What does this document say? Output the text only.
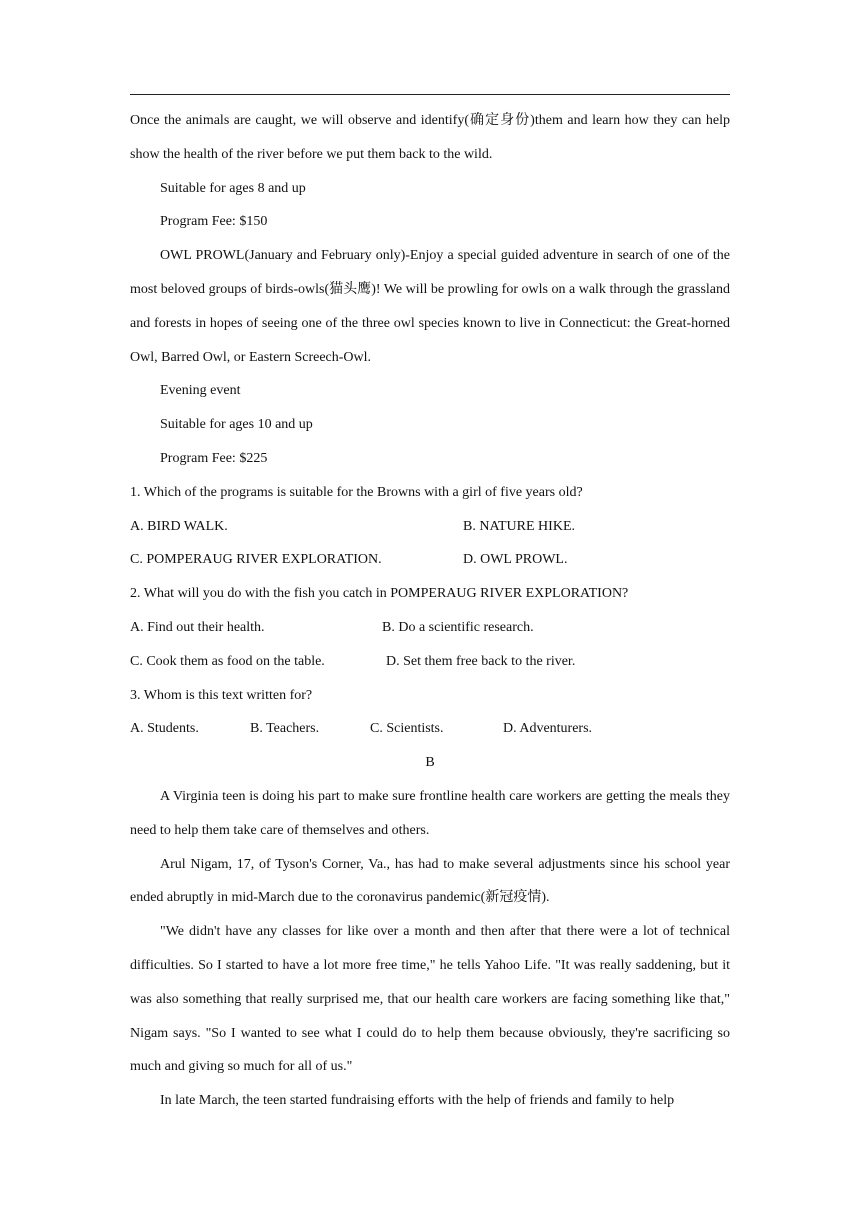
Once the animals are caught, we will observe and identify(确定身份)them and learn how they can help show the health of the river before we put them back to the wild.

Suitable for ages 8 and up

Program Fee: $150

OWL PROWL(January and February only)-Enjoy a special guided adventure in search of one of the most beloved groups of birds-owls(猫头鹰)! We will be prowling for owls on a walk through the grassland and forests in hopes of seeing one of the three owl species known to live in Connecticut: the Great-horned Owl, Barred Owl, or Eastern Screech-Owl.

Evening event

Suitable for ages 10 and up

Program Fee: $225

1. Which of the programs is suitable for the Browns with a girl of five years old?

A. BIRD WALK.	B. NATURE HIKE.
C. POMPERAUG RIVER EXPLORATION.	D. OWL PROWL.

2. What will you do with the fish you catch in POMPERAUG RIVER EXPLORATION?

A. Find out their health.	B. Do a scientific research.
C. Cook them as food on the table.	D. Set them free back to the river.

3. Whom is this text written for?

A. Students.	B. Teachers.	C. Scientists.	D. Adventurers.

B

A Virginia teen is doing his part to make sure frontline health care workers are getting the meals they need to help them take care of themselves and others.

Arul Nigam, 17, of Tyson's Corner, Va., has had to make several adjustments since his school year ended abruptly in mid-March due to the coronavirus pandemic(新冠疫情).

"We didn't have any classes for like over a month and then after that there were a lot of technical difficulties. So I started to have a lot more free time," he tells Yahoo Life. "It was really saddening, but it was also something that really surprised me, that our health care workers are facing something like that," Nigam says. "So I wanted to see what I could do to help them because obviously, they're sacrificing so much and giving so much for all of us."

In late March, the teen started fundraising efforts with the help of friends and family to help
